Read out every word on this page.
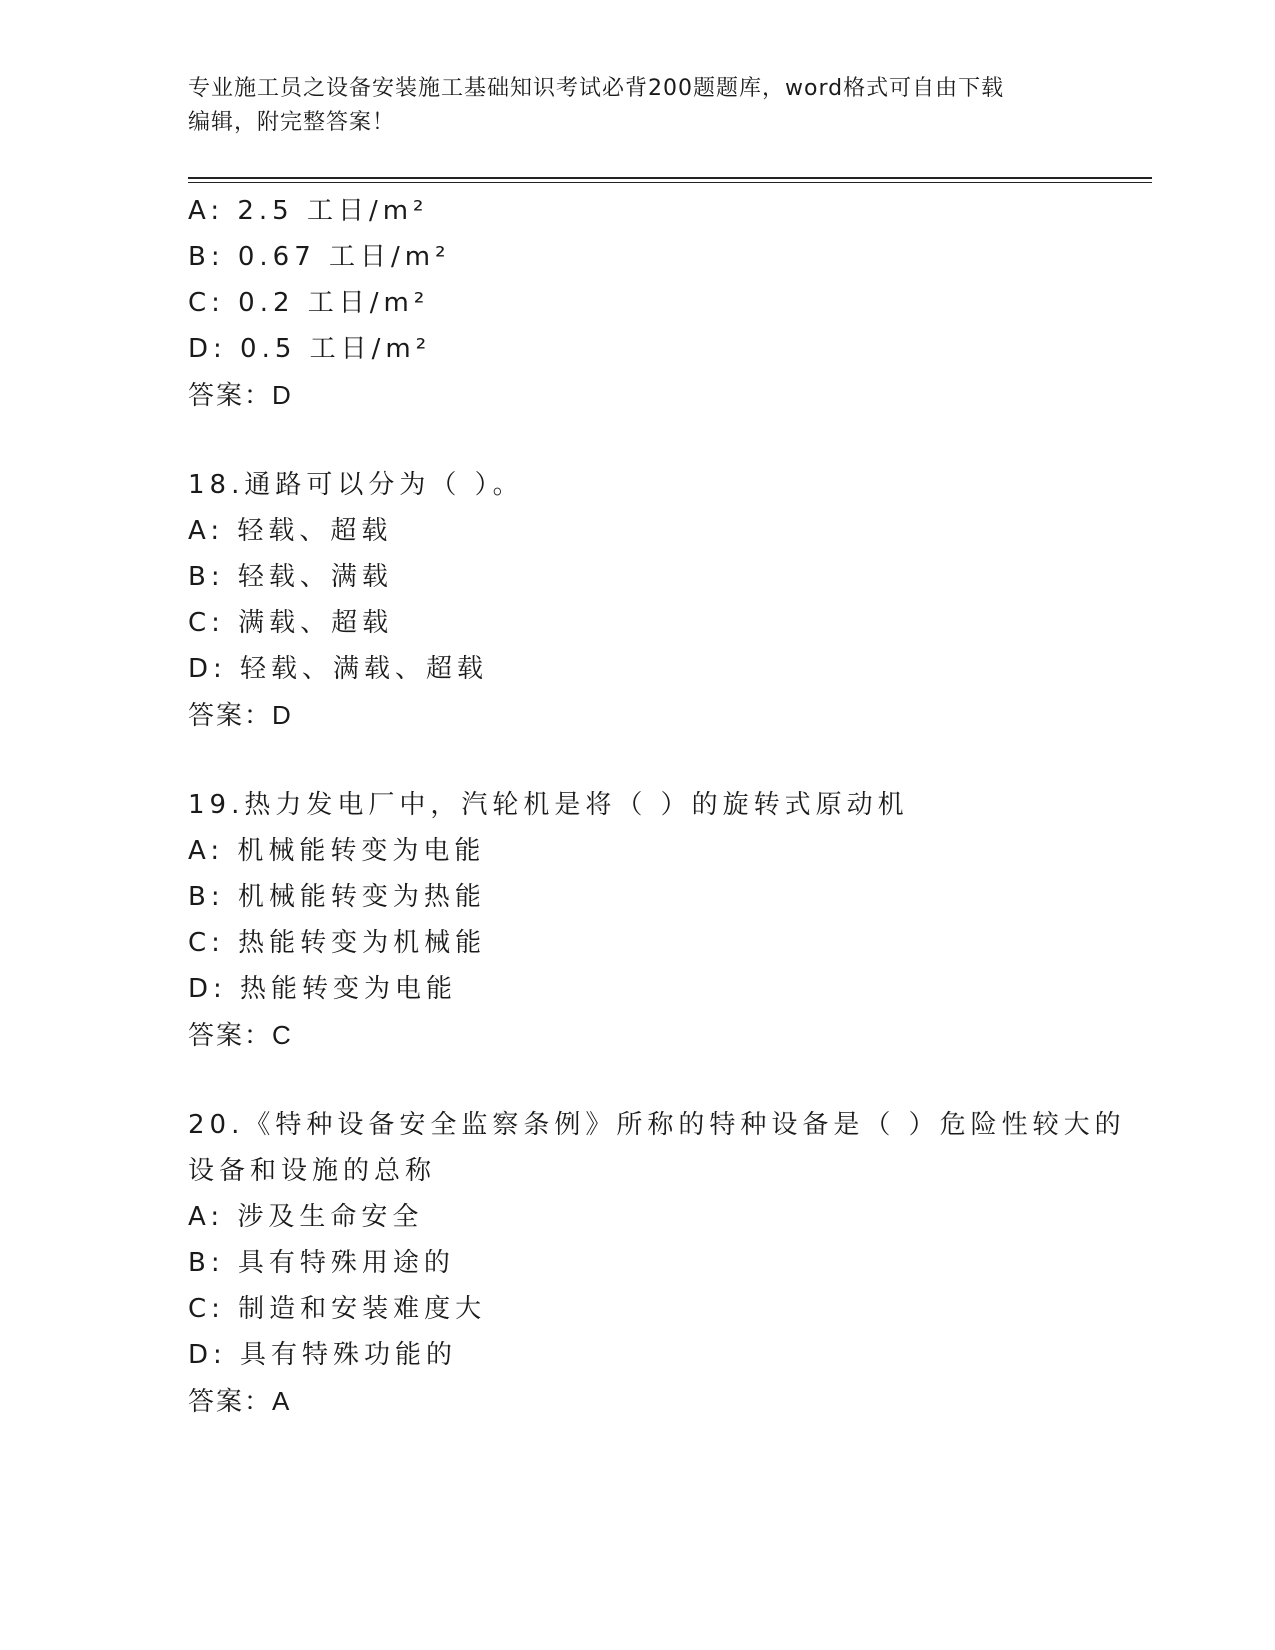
专业施工员之设备安装施工基础知识考试必背200题题库，word格式可自由下载
编辑，附完整答案！
A: 2.5 工日/m²
B: 0.67 工日/m²
C: 0.2 工日/m²
D: 0.5 工日/m²
答案：D
18.通路可以分为（ ）。
A: 轻载、超载
B: 轻载、满载
C: 满载、超载
D: 轻载、满载、超载
答案：D
19.热力发电厂中，汽轮机是将（ ）的旋转式原动机
A: 机械能转变为电能
B: 机械能转变为热能
C: 热能转变为机械能
D: 热能转变为电能
答案：C
20.《特种设备安全监察条例》所称的特种设备是（ ）危险性较大的
设备和设施的总称
A: 涉及生命安全
B: 具有特殊用途的
C: 制造和安装难度大
D: 具有特殊功能的
答案：A
